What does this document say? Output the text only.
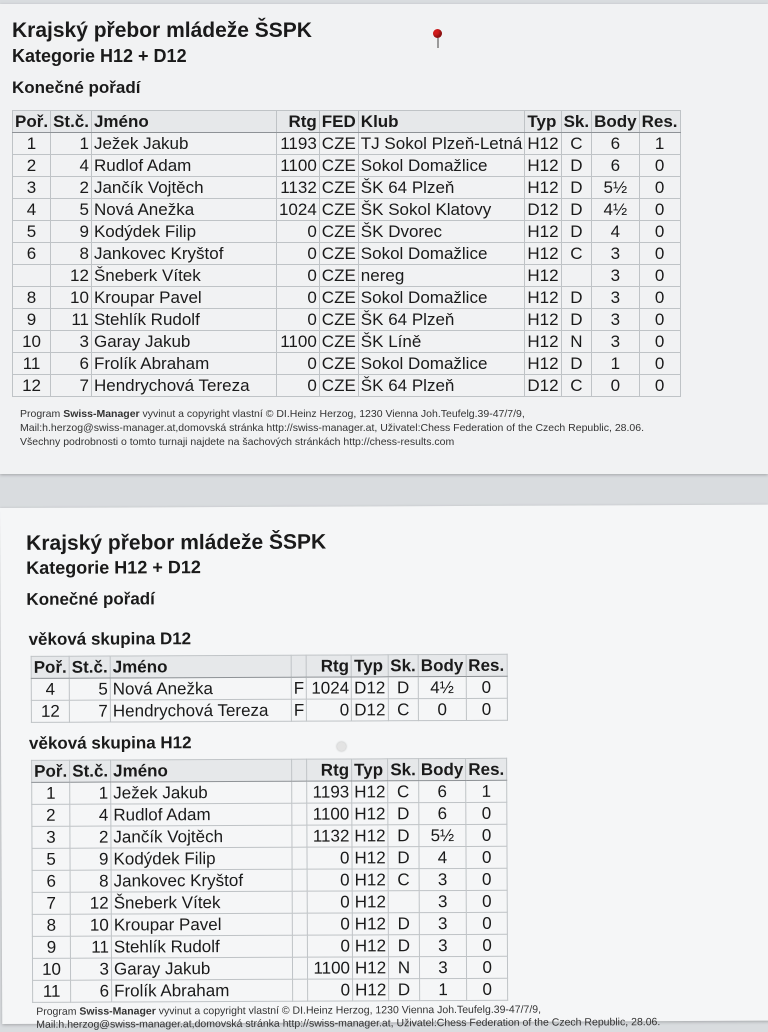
Krajský přebor mládeže ŠSPK
Kategorie H12 + D12
Konečné pořadí
Poř.	St.č.	Jméno	Rtg	FED	Klub	Typ	Sk.	Body	Res.
1	1	Ježek Jakub	1193	CZE	TJ Sokol Plzeň-Letná	H12	C	6	1
2	4	Rudlof Adam	1100	CZE	Sokol Domažlice	H12	D	6	0
3	2	Jančík Vojtěch	1132	CZE	ŠK 64 Plzeň	H12	D	5½	0
4	5	Nová Anežka	1024	CZE	ŠK Sokol Klatovy	D12	D	4½	0
5	9	Kodýdek Filip	0	CZE	ŠK Dvorec	H12	D	4	0
6	8	Jankovec Kryštof	0	CZE	Sokol Domažlice	H12	C	3	0
	12	Šneberk Vítek	0	CZE	nereg	H12		3	0
8	10	Kroupar Pavel	0	CZE	Sokol Domažlice	H12	D	3	0
9	11	Stehlík Rudolf	0	CZE	ŠK 64 Plzeň	H12	D	3	0
10	3	Garay Jakub	1100	CZE	ŠK Líně	H12	N	3	0
11	6	Frolík Abraham	0	CZE	Sokol Domažlice	H12	D	1	0
12	7	Hendrychová Tereza	0	CZE	ŠK 64 Plzeň	D12	C	0	0
Program Swiss-Manager vyvinut a copyright vlastní © DI.Heinz Herzog, 1230 Vienna Joh.Teufelg.39-47/7/9,
Mail:h.herzog@swiss-manager.at,domovská stránka http://swiss-manager.at, Uživatel:Chess Federation of the Czech Republic, 28.06.
Všechny podrobnosti o tomto turnaji najdete na šachových stránkách http://chess-results.com
Krajský přebor mládeže ŠSPK
Kategorie H12 + D12
Konečné pořadí
věková skupina D12
Poř.	St.č.	Jméno		Rtg	Typ	Sk.	Body	Res.
4	5	Nová Anežka	F	1024	D12	D	4½	0
12	7	Hendrychová Tereza	F	0	D12	C	0	0
věková skupina H12
Poř.	St.č.	Jméno		Rtg	Typ	Sk.	Body	Res.
1	1	Ježek Jakub		1193	H12	C	6	1
2	4	Rudlof Adam		1100	H12	D	6	0
3	2	Jančík Vojtěch		1132	H12	D	5½	0
5	9	Kodýdek Filip		0	H12	D	4	0
6	8	Jankovec Kryštof		0	H12	C	3	0
7	12	Šneberk Vítek		0	H12		3	0
8	10	Kroupar Pavel		0	H12	D	3	0
9	11	Stehlík Rudolf		0	H12	D	3	0
10	3	Garay Jakub		1100	H12	N	3	0
11	6	Frolík Abraham		0	H12	D	1	0
Program Swiss-Manager vyvinut a copyright vlastní © DI.Heinz Herzog, 1230 Vienna Joh.Teufelg.39-47/7/9,
Mail:h.herzog@swiss-manager.at,domovská stránka http://swiss-manager.at, Uživatel:Chess Federation of the Czech Republic, 28.06.
